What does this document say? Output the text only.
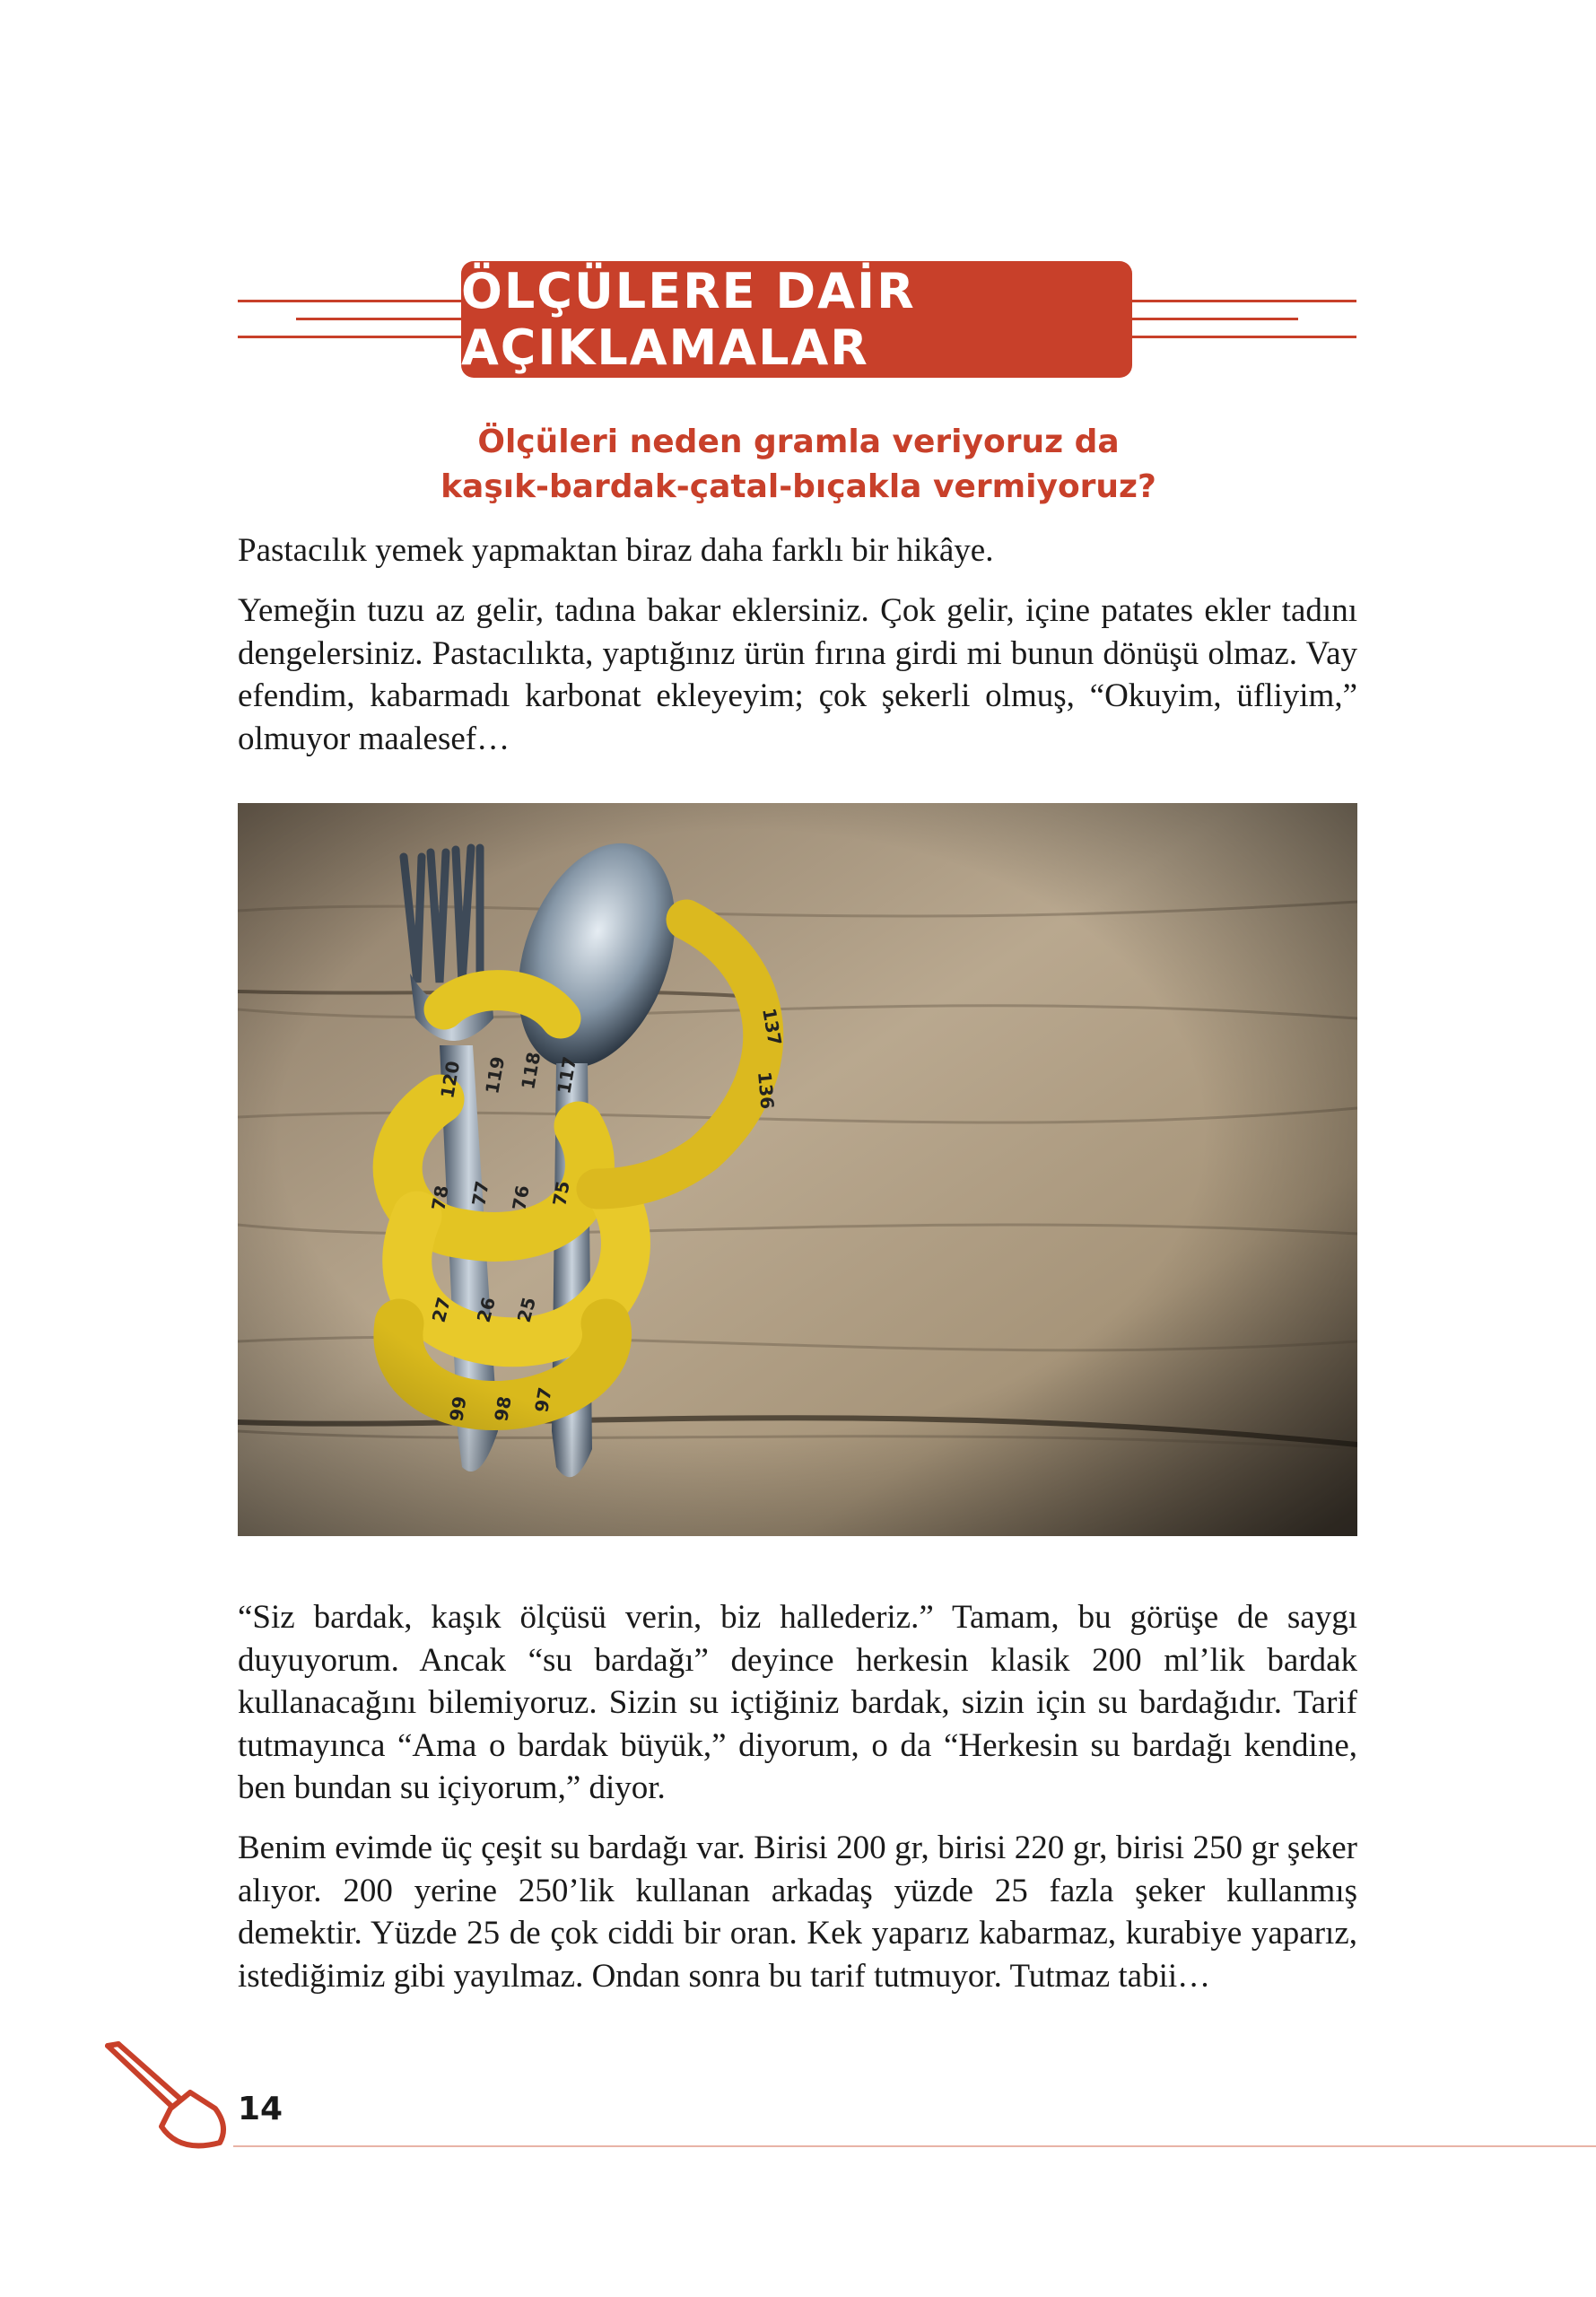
ÖLÇÜLERE DAİR AÇIKLAMALAR
Ölçüleri neden gramla veriyoruz da
kaşık-bardak-çatal-bıçakla vermiyoruz?

Pastacılık yemek yapmaktan biraz daha farklı bir hikâye.

Yemeğin tuzu az gelir, tadına bakar eklersiniz. Çok gelir, içine patates ekler tadını dengelersiniz. Pastacılıkta, yaptığınız ürün fırına girdi mi bunun dönüşü olmaz. Vay efendim, kabarmadı karbonat ekleyeyim; çok şekerli olmuş, “Okuyim, üfliyim,” olmuyor maalesef…

“Siz bardak, kaşık ölçüsü verin, biz hallederiz.” Tamam, bu görüşe de saygı duyuyorum. Ancak “su bardağı” deyince herkesin klasik 200 ml’lik bardak kullanacağını bilemiyoruz. Sizin su içtiğiniz bardak, sizin için su bardağıdır. Tarif tutmayınca “Ama o bardak büyük,” diyorum, o da “Herkesin su bardağı kendine, ben bundan su içiyorum,” diyor.

Benim evimde üç çeşit su bardağı var. Birisi 200 gr, birisi 220 gr, birisi 250 gr şeker alıyor. 200 yerine 250’lik kullanan arkadaş yüzde 25 fazla şeker kullanmış demektir. Yüzde 25 de çok ciddi bir oran. Kek yaparız kabarmaz, kurabiye yaparız, istediğimiz gibi yayılmaz. Ondan sonra bu tarif tutmuyor. Tutmaz tabii…

14
